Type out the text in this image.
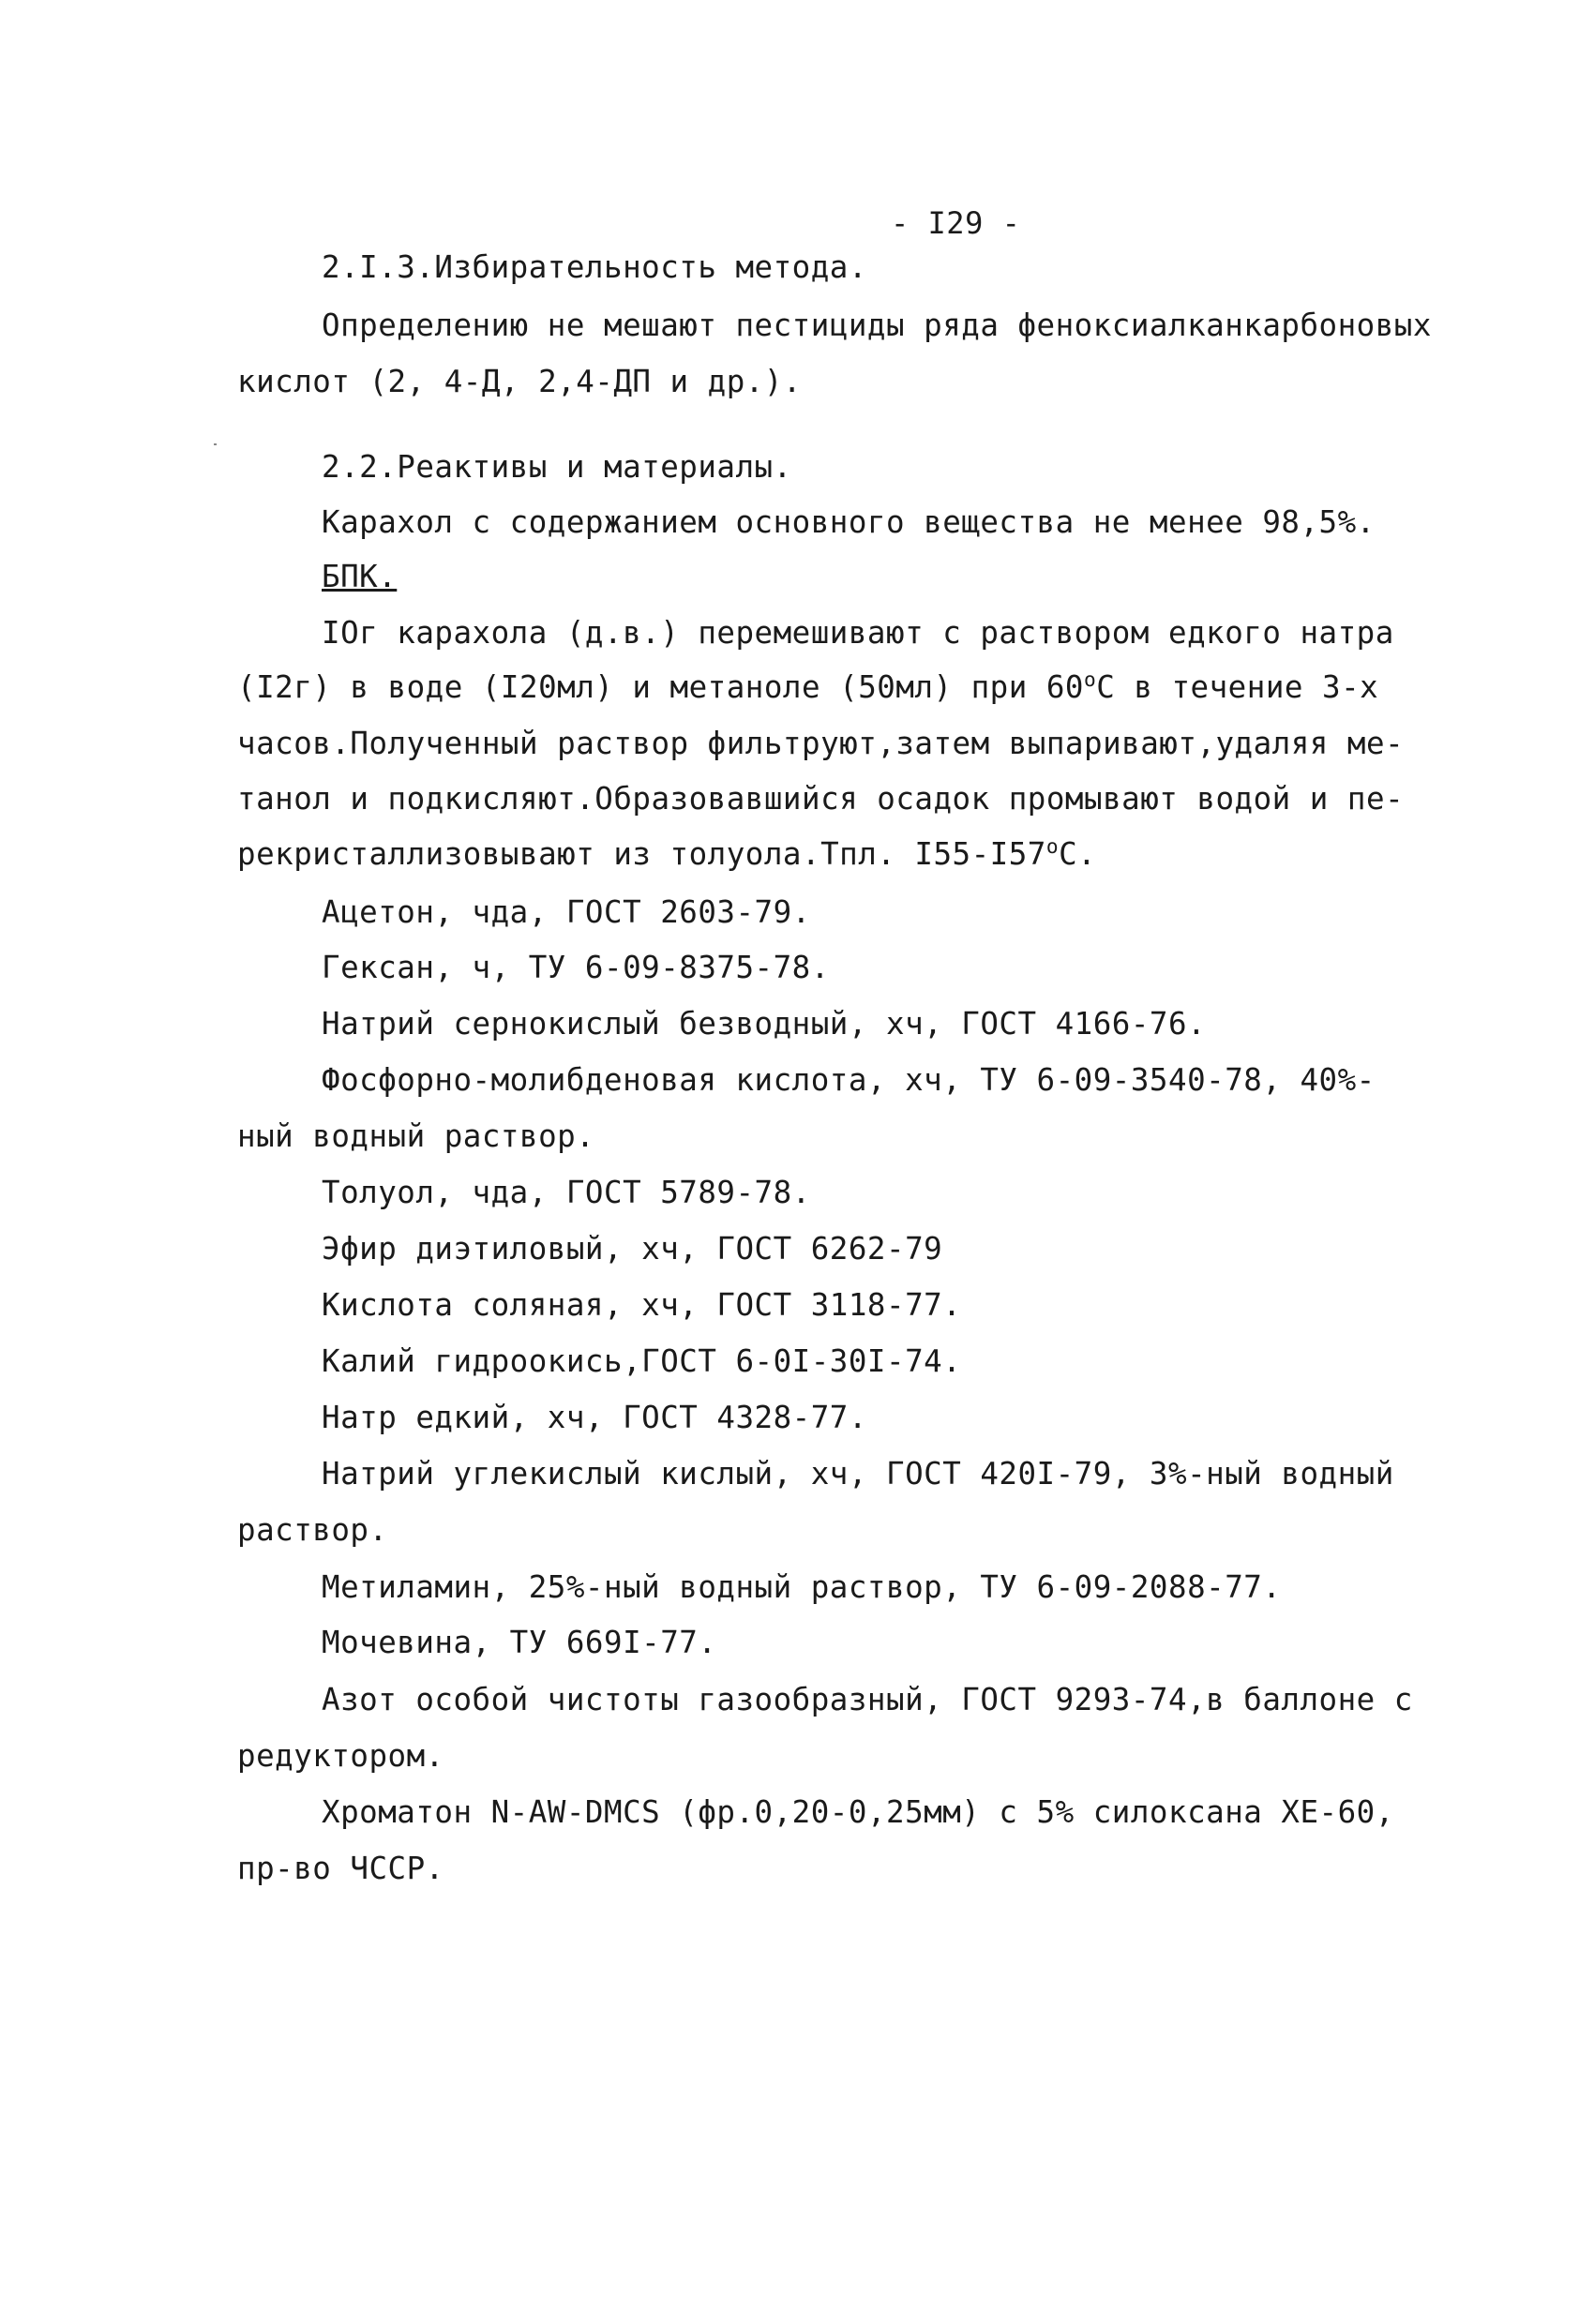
- I29 -
2.I.3.Избирательность метода.
Определению не мешают пестициды ряда феноксиалканкарбоновых
кислот (2, 4-Д, 2,4-ДП и др.).
2.2.Реактивы и материалы.
Карахол с содержанием основного вещества не менее 98,5%.
БПК.
IOг карахола (д.в.) перемешивают с раствором едкого натра
(I2г) в воде (I20мл) и метаноле (50мл) при $60^оС$ в течение 3-х
часов.Полученный раствор фильтруют,затем выпаривают,удаляя ме-
танол и подкисляют.Образовавшийся осадок промывают водой и пе-
рекристаллизовывают из толуола.Тпл. $I55-I57^оС$.
Ацетон, чда, ГОСТ 2603-79.
Гексан, ч, ТУ 6-09-8375-78.
Натрий сернокислый безводный, хч, ГОСТ 4166-76.
Фосфорно-молибденовая кислота, хч, ТУ 6-09-3540-78, 40%-
ный водный раствор.
Толуол, чда, ГОСТ 5789-78.
Эфир диэтиловый, хч, ГОСТ 6262-79
Кислота соляная, хч, ГОСТ 3118-77.
Калий гидроокись,ГОСТ 6-0I-30I-74.
Натр едкий, хч, ГОСТ 4328-77.
Натрий углекислый кислый, хч, ГОСТ 420I-79, 3%-ный водный
раствор.
Метиламин, 25%-ный водный раствор, ТУ 6-09-2088-77.
Мочевина, ТУ 669I-77.
Азот особой чистоты газообразный, ГОСТ 9293-74,в баллоне с
редуктором.
Хроматон N-AW-DMCS (фр.0,20-0,25мм) с 5% силоксана XE-60,
пр-во ЧССР.
